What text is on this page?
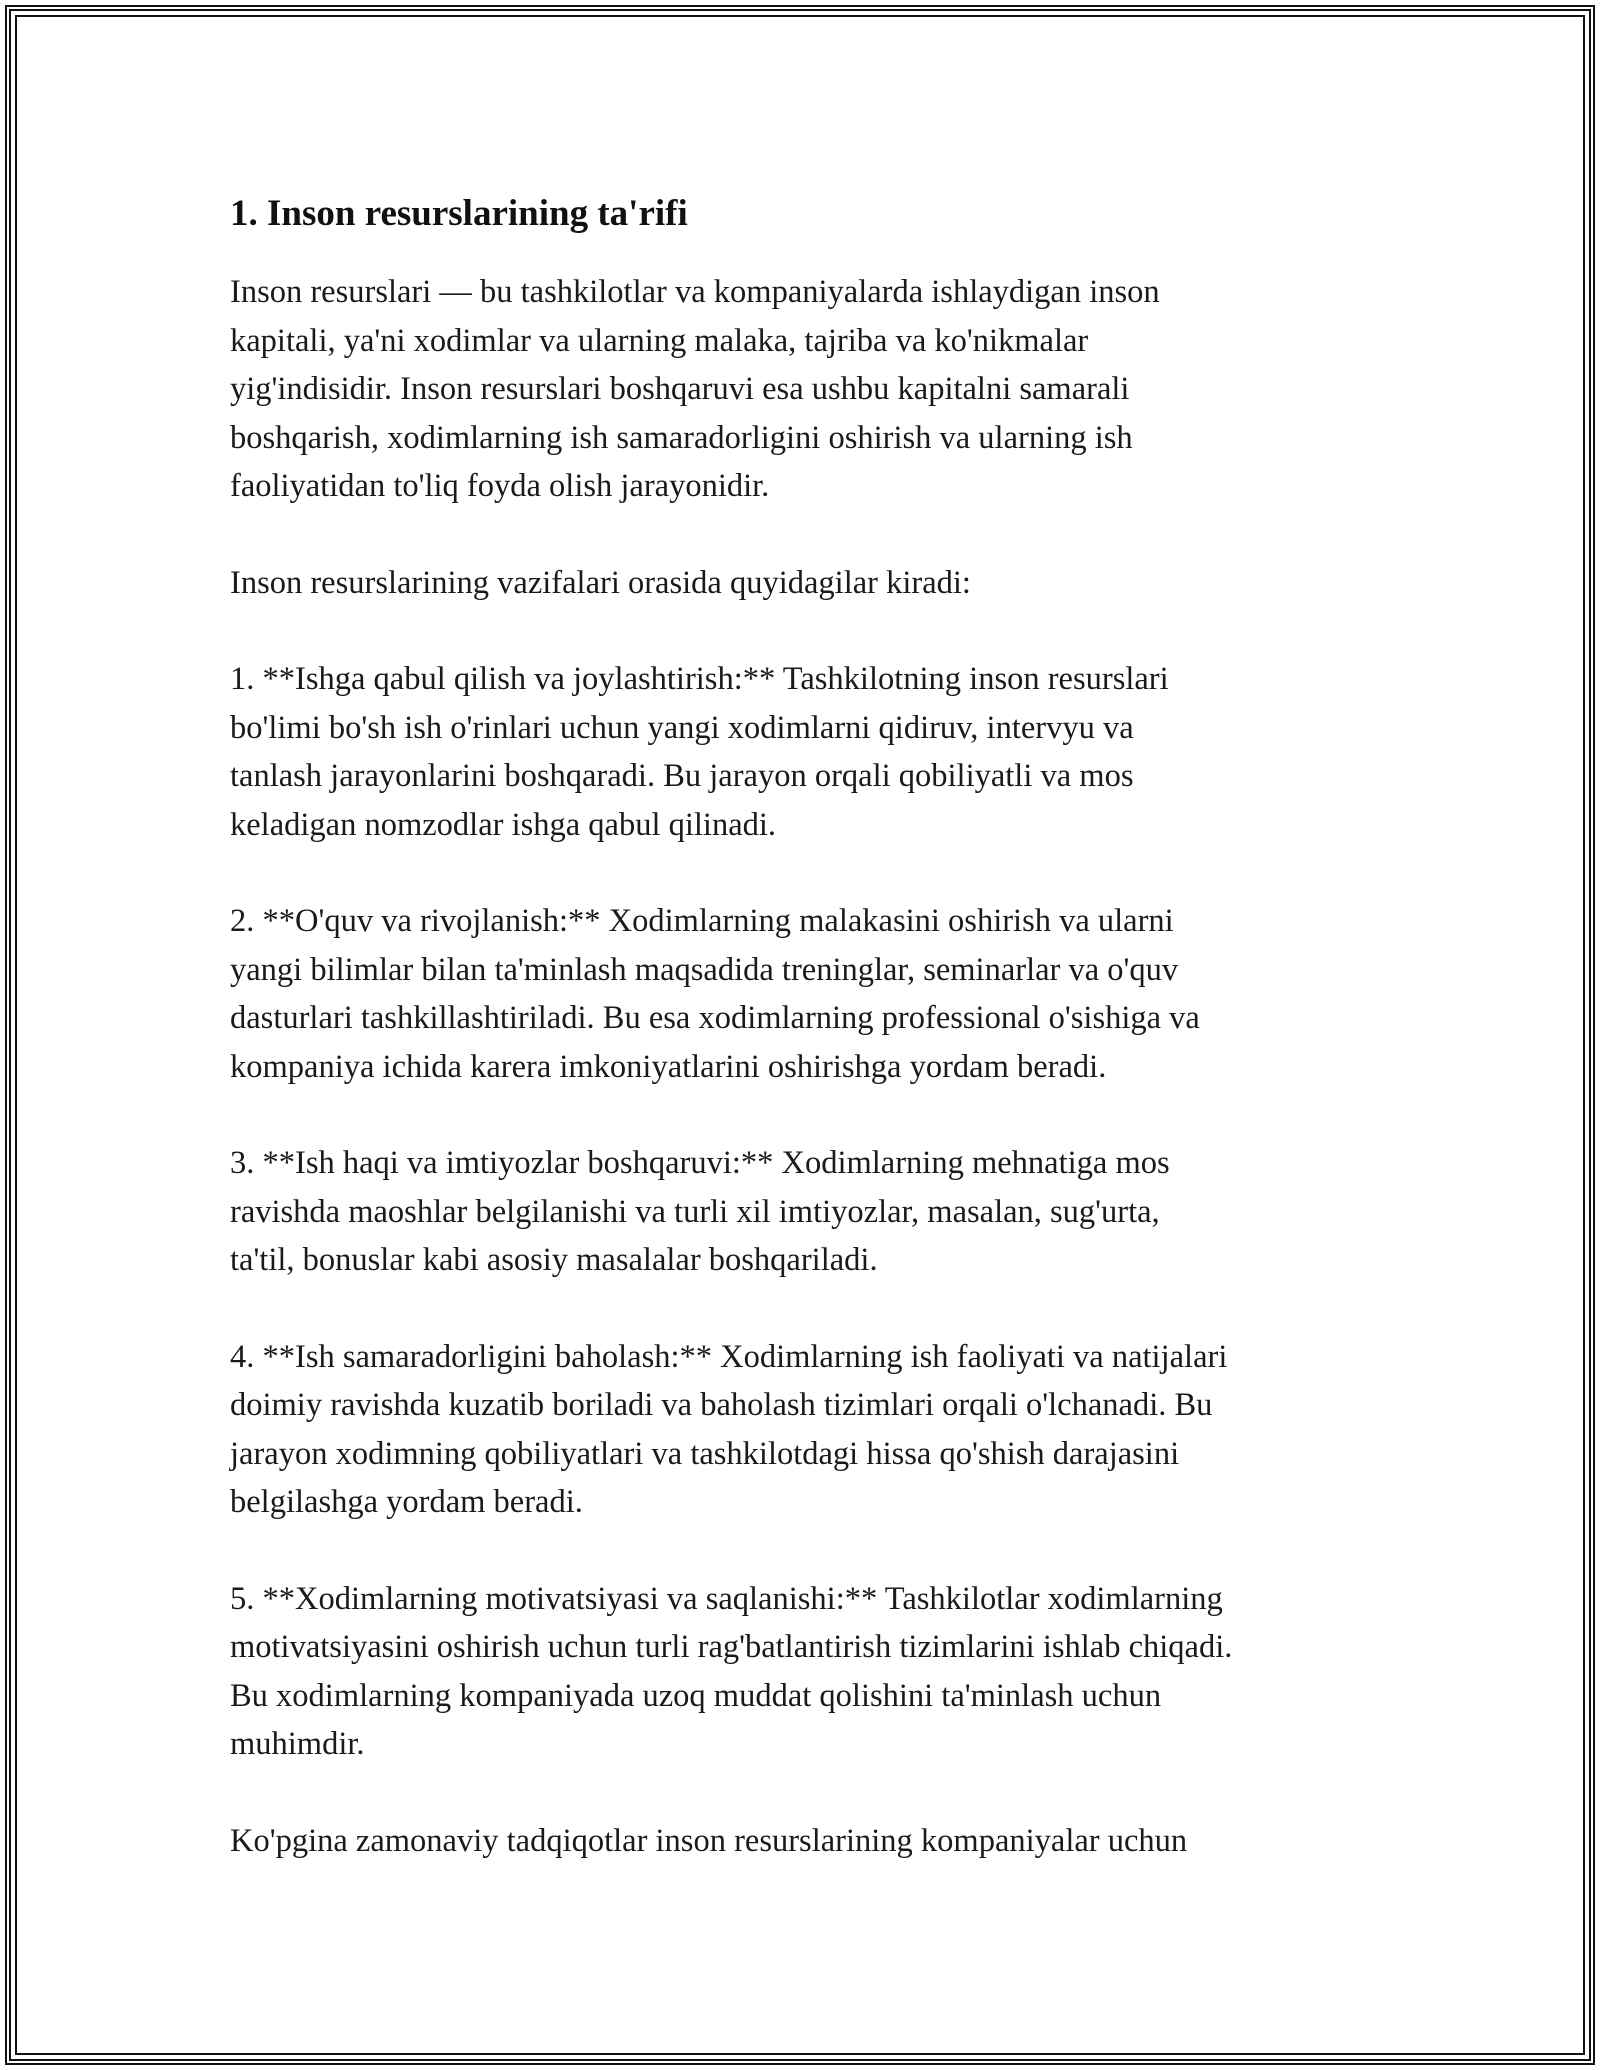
1. Inson resurslarining ta'rifi

Inson resurslari — bu tashkilotlar va kompaniyalarda ishlaydigan inson
kapitali, ya'ni xodimlar va ularning malaka, tajriba va ko'nikmalar
yig'indisidir. Inson resurslari boshqaruvi esa ushbu kapitalni samarali
boshqarish, xodimlarning ish samaradorligini oshirish va ularning ish
faoliyatidan to'liq foyda olish jarayonidir.

Inson resurslarining vazifalari orasida quyidagilar kiradi:

1. **Ishga qabul qilish va joylashtirish:** Tashkilotning inson resurslari
bo'limi bo'sh ish o'rinlari uchun yangi xodimlarni qidiruv, intervyu va
tanlash jarayonlarini boshqaradi. Bu jarayon orqali qobiliyatli va mos
keladigan nomzodlar ishga qabul qilinadi.

2. **O'quv va rivojlanish:** Xodimlarning malakasini oshirish va ularni
yangi bilimlar bilan ta'minlash maqsadida treninglar, seminarlar va o'quv
dasturlari tashkillashtiriladi. Bu esa xodimlarning professional o'sishiga va
kompaniya ichida karera imkoniyatlarini oshirishga yordam beradi.

3. **Ish haqi va imtiyozlar boshqaruvi:** Xodimlarning mehnatiga mos
ravishda maoshlar belgilanishi va turli xil imtiyozlar, masalan, sug'urta,
ta'til, bonuslar kabi asosiy masalalar boshqariladi.

4. **Ish samaradorligini baholash:** Xodimlarning ish faoliyati va natijalari
doimiy ravishda kuzatib boriladi va baholash tizimlari orqali o'lchanadi. Bu
jarayon xodimning qobiliyatlari va tashkilotdagi hissa qo'shish darajasini
belgilashga yordam beradi.

5. **Xodimlarning motivatsiyasi va saqlanishi:** Tashkilotlar xodimlarning
motivatsiyasini oshirish uchun turli rag'batlantirish tizimlarini ishlab chiqadi.
Bu xodimlarning kompaniyada uzoq muddat qolishini ta'minlash uchun
muhimdir.

Ko'pgina zamonaviy tadqiqotlar inson resurslarining kompaniyalar uchun
